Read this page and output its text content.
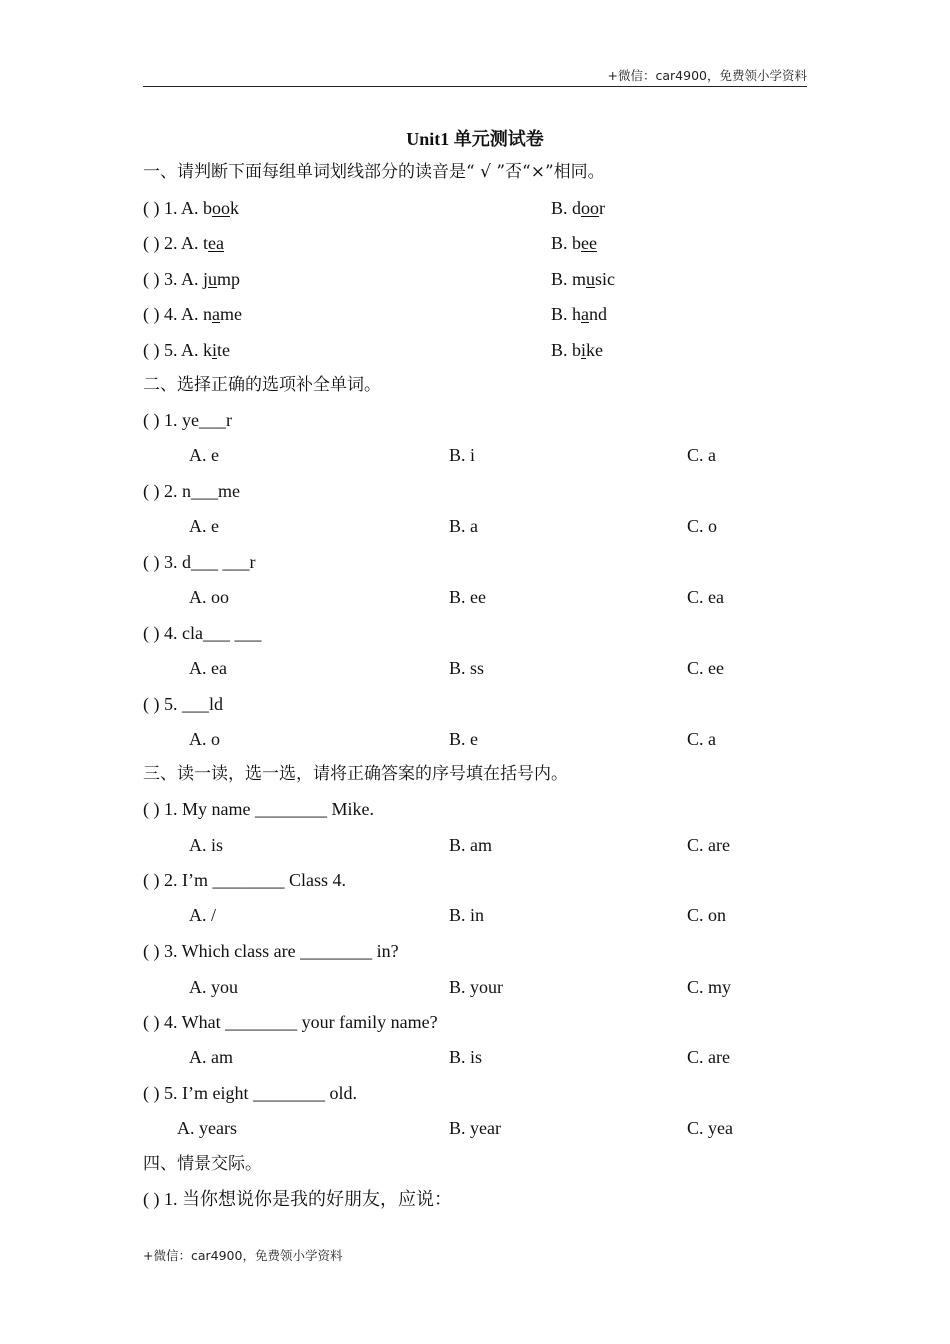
+微信：car4900，免费领小学资料
Unit1 单元测试卷
一、请判断下面每组单词划线部分的读音是“ √ ”否“×”相同。
( ) 1. A. book	B. door
( ) 2. A. tea	B. bee
( ) 3. A. jump	B. music
( ) 4. A. name	B. hand
( ) 5. A. kite	B. bike
二、选择正确的选项补全单词。
( ) 1. ye___r
A. e	B. i	C. a
( ) 2. n___me
A. e	B. a	C. o
( ) 3. d___ ___r
A. oo	B. ee	C. ea
( ) 4. cla___ ___
A. ea	B. ss	C. ee
( ) 5. ___ld
A. o	B. e	C. a
三、读一读，选一选，请将正确答案的序号填在括号内。
( ) 1. My name ________ Mike.
A. is	B. am	C. are
( ) 2. I’m ________ Class 4.
A. /	B. in	C. on
( ) 3. Which class are ________ in?
A. you	B. your	C. my
( ) 4. What ________ your family name?
A. am	B. is	C. are
( ) 5. I’m eight ________ old.
A. years	B. year	C. yea
四、情景交际。
( ) 1. 当你想说你是我的好朋友，应说：
+微信：car4900，免费领小学资料
